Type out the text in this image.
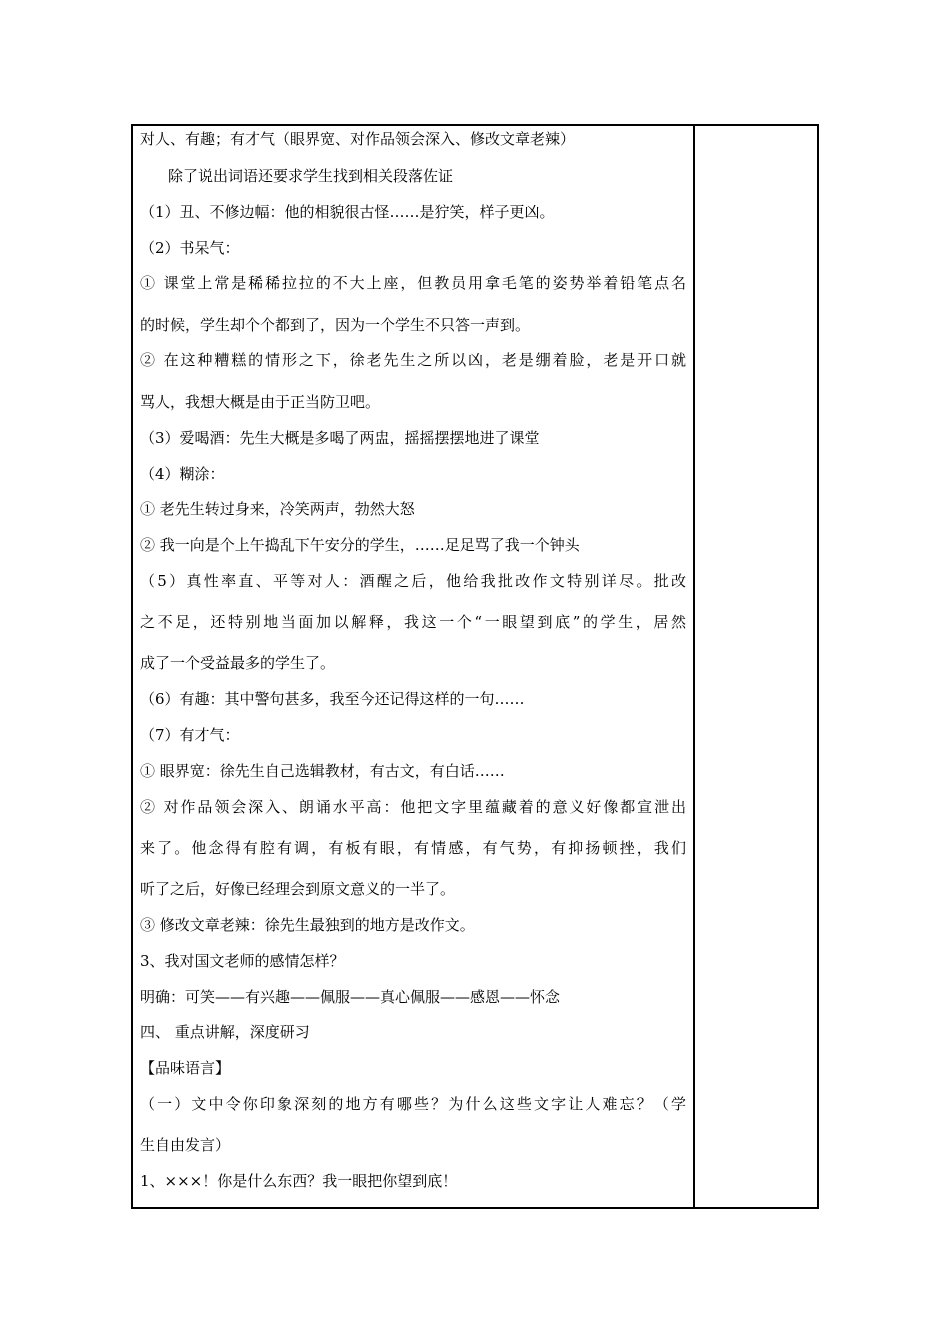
对人、有趣；有才气（眼界宽、对作品领会深入、修改文章老辣）
除了说出词语还要求学生找到相关段落佐证
（1）丑、不修边幅：他的相貌很古怪……是狞笑，样子更凶。
（2）书呆气：
① 课堂上常是稀稀拉拉的不大上座，但教员用拿毛笔的姿势举着铅笔点名
的时候，学生却个个都到了，因为一个学生不只答一声到。
② 在这种糟糕的情形之下，徐老先生之所以凶，老是绷着脸，老是开口就
骂人，我想大概是由于正当防卫吧。
（3）爱喝酒：先生大概是多喝了两盅，摇摇摆摆地进了课堂
（4）糊涂：
① 老先生转过身来，冷笑两声，勃然大怒
② 我一向是个上午捣乱下午安分的学生，……足足骂了我一个钟头
（5）真性率直、平等对人：酒醒之后，他给我批改作文特别详尽。批改
之不足，还特别地当面加以解释，我这一个“一眼望到底”的学生，居然
成了一个受益最多的学生了。
（6）有趣：其中警句甚多，我至今还记得这样的一句……
（7）有才气：
① 眼界宽：徐先生自己选辑教材，有古文，有白话……
② 对作品领会深入、朗诵水平高：他把文字里蕴藏着的意义好像都宣泄出
来了。他念得有腔有调，有板有眼，有情感，有气势，有抑扬顿挫，我们
听了之后，好像已经理会到原文意义的一半了。
③ 修改文章老辣：徐先生最独到的地方是改作文。
3、我对国文老师的感情怎样？
明确：可笑——有兴趣——佩服——真心佩服——感恩——怀念
四、 重点讲解，深度研习
【品味语言】
（一）文中令你印象深刻的地方有哪些？为什么这些文字让人难忘？（学
生自由发言）
1、×××！你是什么东西？我一眼把你望到底！
